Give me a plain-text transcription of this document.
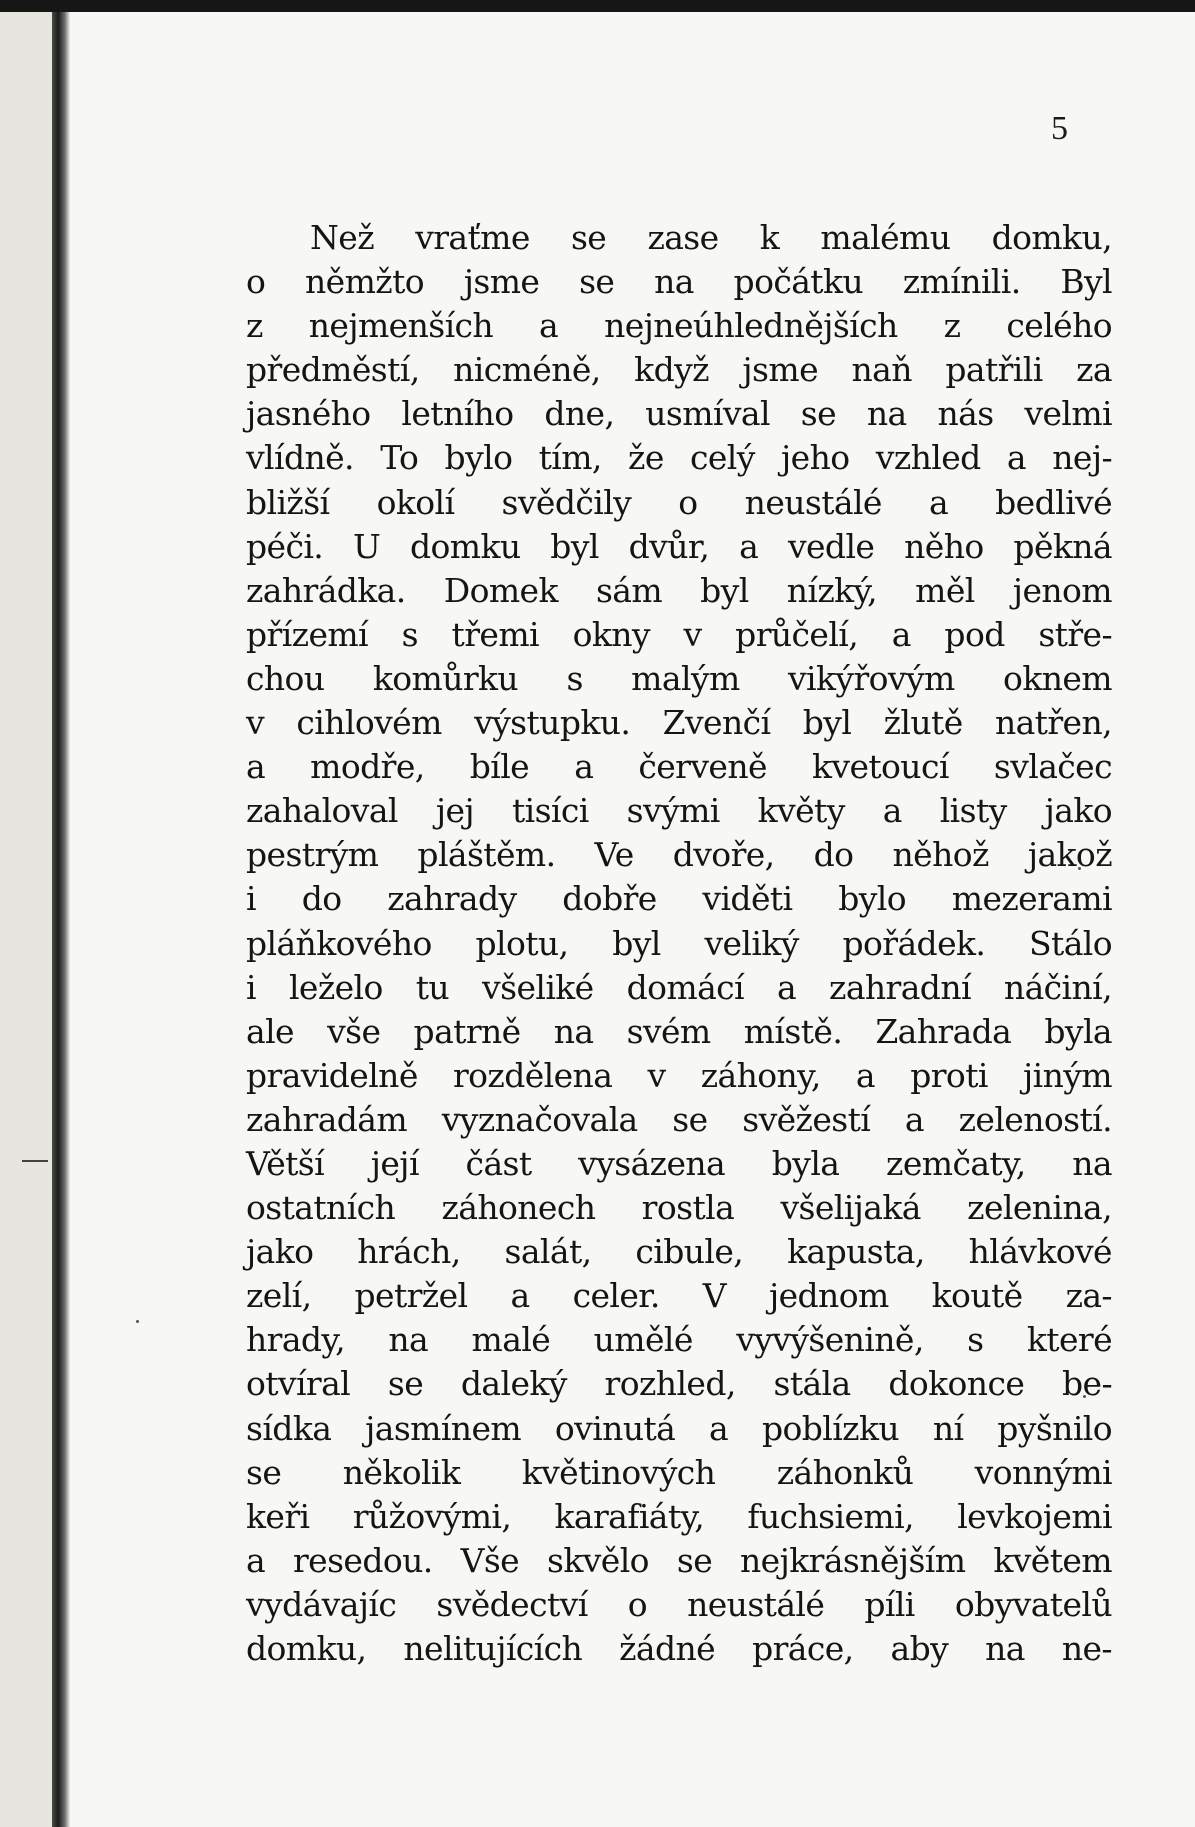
5
Než vraťme se zase k malému domku,
o němžto jsme se na počátku zmínili. Byl
z nejmenších a nejneúhlednějších z celého
předměstí, nicméně, když jsme naň patřili za
jasného letního dne, usmíval se na nás velmi
vlídně. To bylo tím, že celý jeho vzhled a nej-
bližší okolí svědčily o neustálé a bedlivé
péči. U domku byl dvůr, a vedle něho pěkná
zahrádka. Domek sám byl nízký, měl jenom
přízemí s třemi okny v průčelí, a pod stře-
chou komůrku s malým vikýřovým oknem
v cihlovém výstupku. Zvenčí byl žlutě natřen,
a modře, bíle a červeně kvetoucí svlačec
zahaloval jej tisíci svými květy a listy jako
pestrým pláštěm. Ve dvoře, do něhož jakož
i do zahrady dobře viděti bylo mezerami
pláňkového plotu, byl veliký pořádek. Stálo
i leželo tu všeliké domácí a zahradní náčiní,
ale vše patrně na svém místě. Zahrada byla
pravidelně rozdělena v záhony, a proti jiným
zahradám vyznačovala se svěžestí a zeleností.
Větší její část vysázena byla zemčaty, na
ostatních záhonech rostla všelijaká zelenina,
jako hrách, salát, cibule, kapusta, hlávkové
zelí, petržel a celer. V jednom koutě za-
hrady, na malé umělé vyvýšenině, s které
otvíral se daleký rozhled, stála dokonce be-
sídka jasmínem ovinutá a poblízku ní pyšnilo
se několik květinových záhonků vonnými
keři růžovými, karafiáty, fuchsiemi, levkojemi
a resedou. Vše skvělo se nejkrásnějším květem
vydávajíc svědectví o neustálé píli obyvatelů
domku, nelitujících žádné práce, aby na ne-
